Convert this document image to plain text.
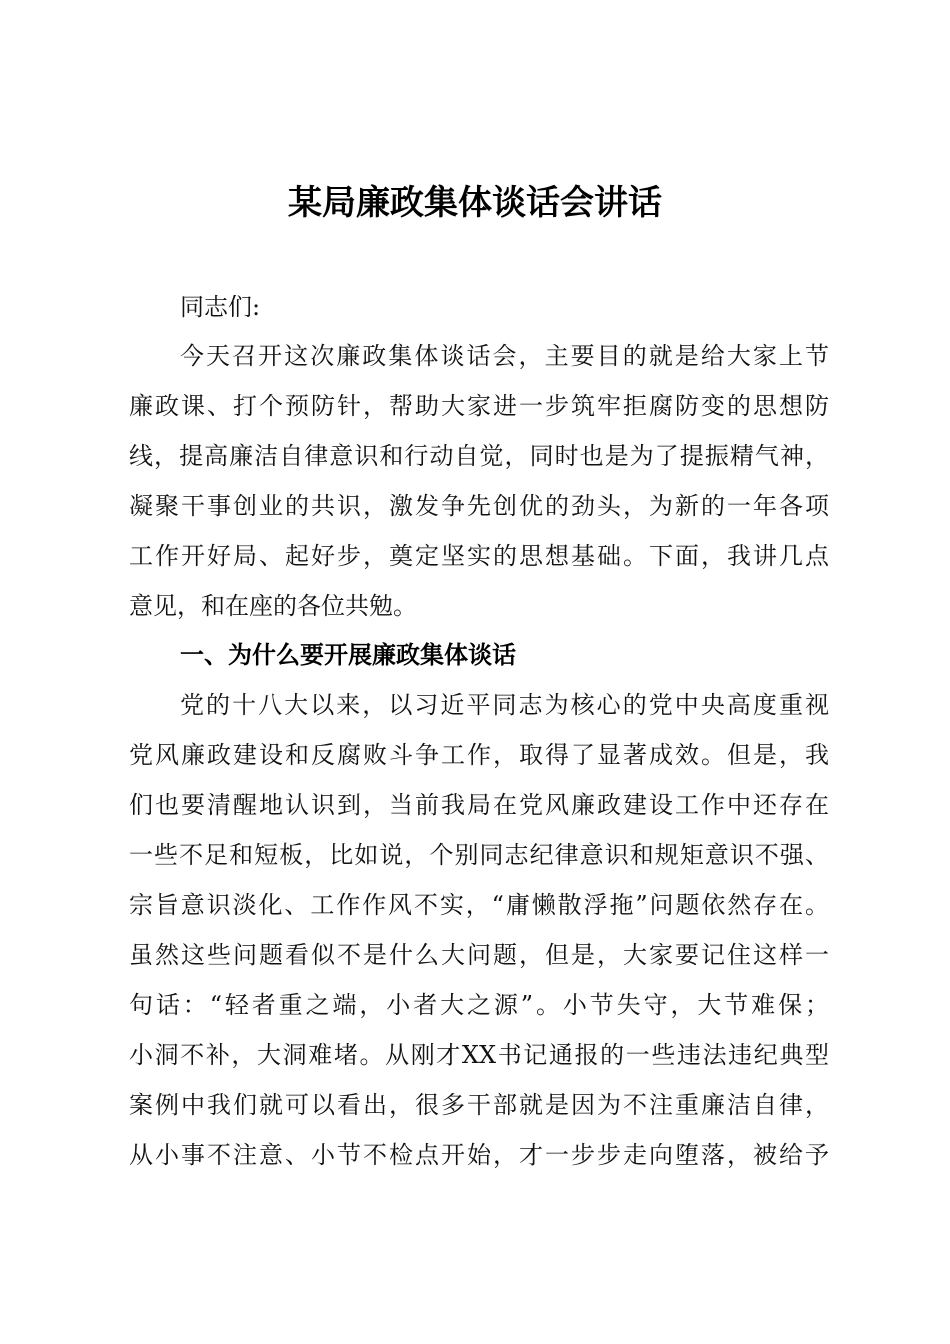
某局廉政集体谈话会讲话
同志们:
今天召开这次廉政集体谈话会，主要目的就是给大家上节
廉政课、打个预防针，帮助大家进一步筑牢拒腐防变的思想防
线，提高廉洁自律意识和行动自觉，同时也是为了提振精气神，
凝聚干事创业的共识，激发争先创优的劲头，为新的一年各项
工作开好局、起好步，奠定坚实的思想基础。下面，我讲几点
意见，和在座的各位共勉。
一、为什么要开展廉政集体谈话
党的十八大以来，以习近平同志为核心的党中央高度重视
党风廉政建设和反腐败斗争工作，取得了显著成效。但是，我
们也要清醒地认识到，当前我局在党风廉政建设工作中还存在
一些不足和短板，比如说，个别同志纪律意识和规矩意识不强、
宗旨意识淡化、工作作风不实，“庸懒散浮拖”问题依然存在。
虽然这些问题看似不是什么大问题，但是，大家要记住这样一
句话：“轻者重之端，小者大之源”。小节失守，大节难保；
小洞不补，大洞难堵。从刚才XX书记通报的一些违法违纪典型
案例中我们就可以看出，很多干部就是因为不注重廉洁自律，
从小事不注意、小节不检点开始，才一步步走向堕落，被给予
